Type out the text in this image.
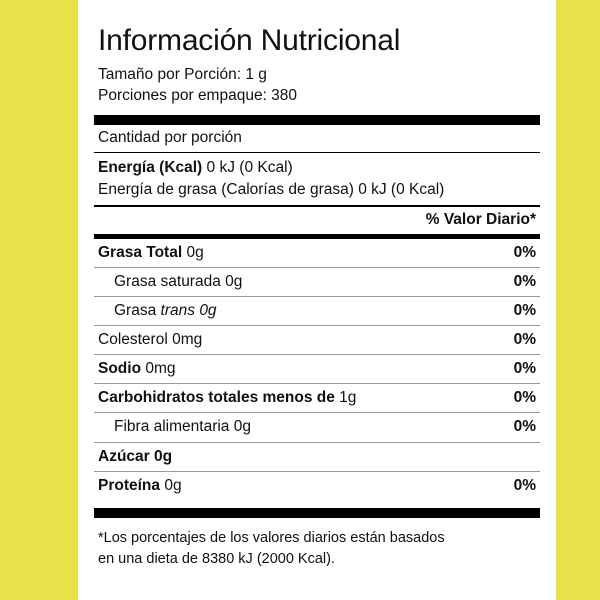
Información Nutricional
Tamaño por Porción: 1 g
Porciones por empaque: 380
Cantidad por porción
Energía (Kcal) 0 kJ (0 Kcal)
Energía de grasa (Calorías de grasa) 0 kJ (0 Kcal)
% Valor Diario*
Grasa Total 0g	0%
Grasa saturada 0g	0%
Grasa trans 0g	0%
Colesterol 0mg	0%
Sodio 0mg	0%
Carbohidratos totales menos de 1g	0%
Fibra alimentaria 0g	0%
Azúcar 0g
Proteína 0g	0%
*Los porcentajes de los valores diarios están basados
en una dieta de 8380 kJ (2000 Kcal).
